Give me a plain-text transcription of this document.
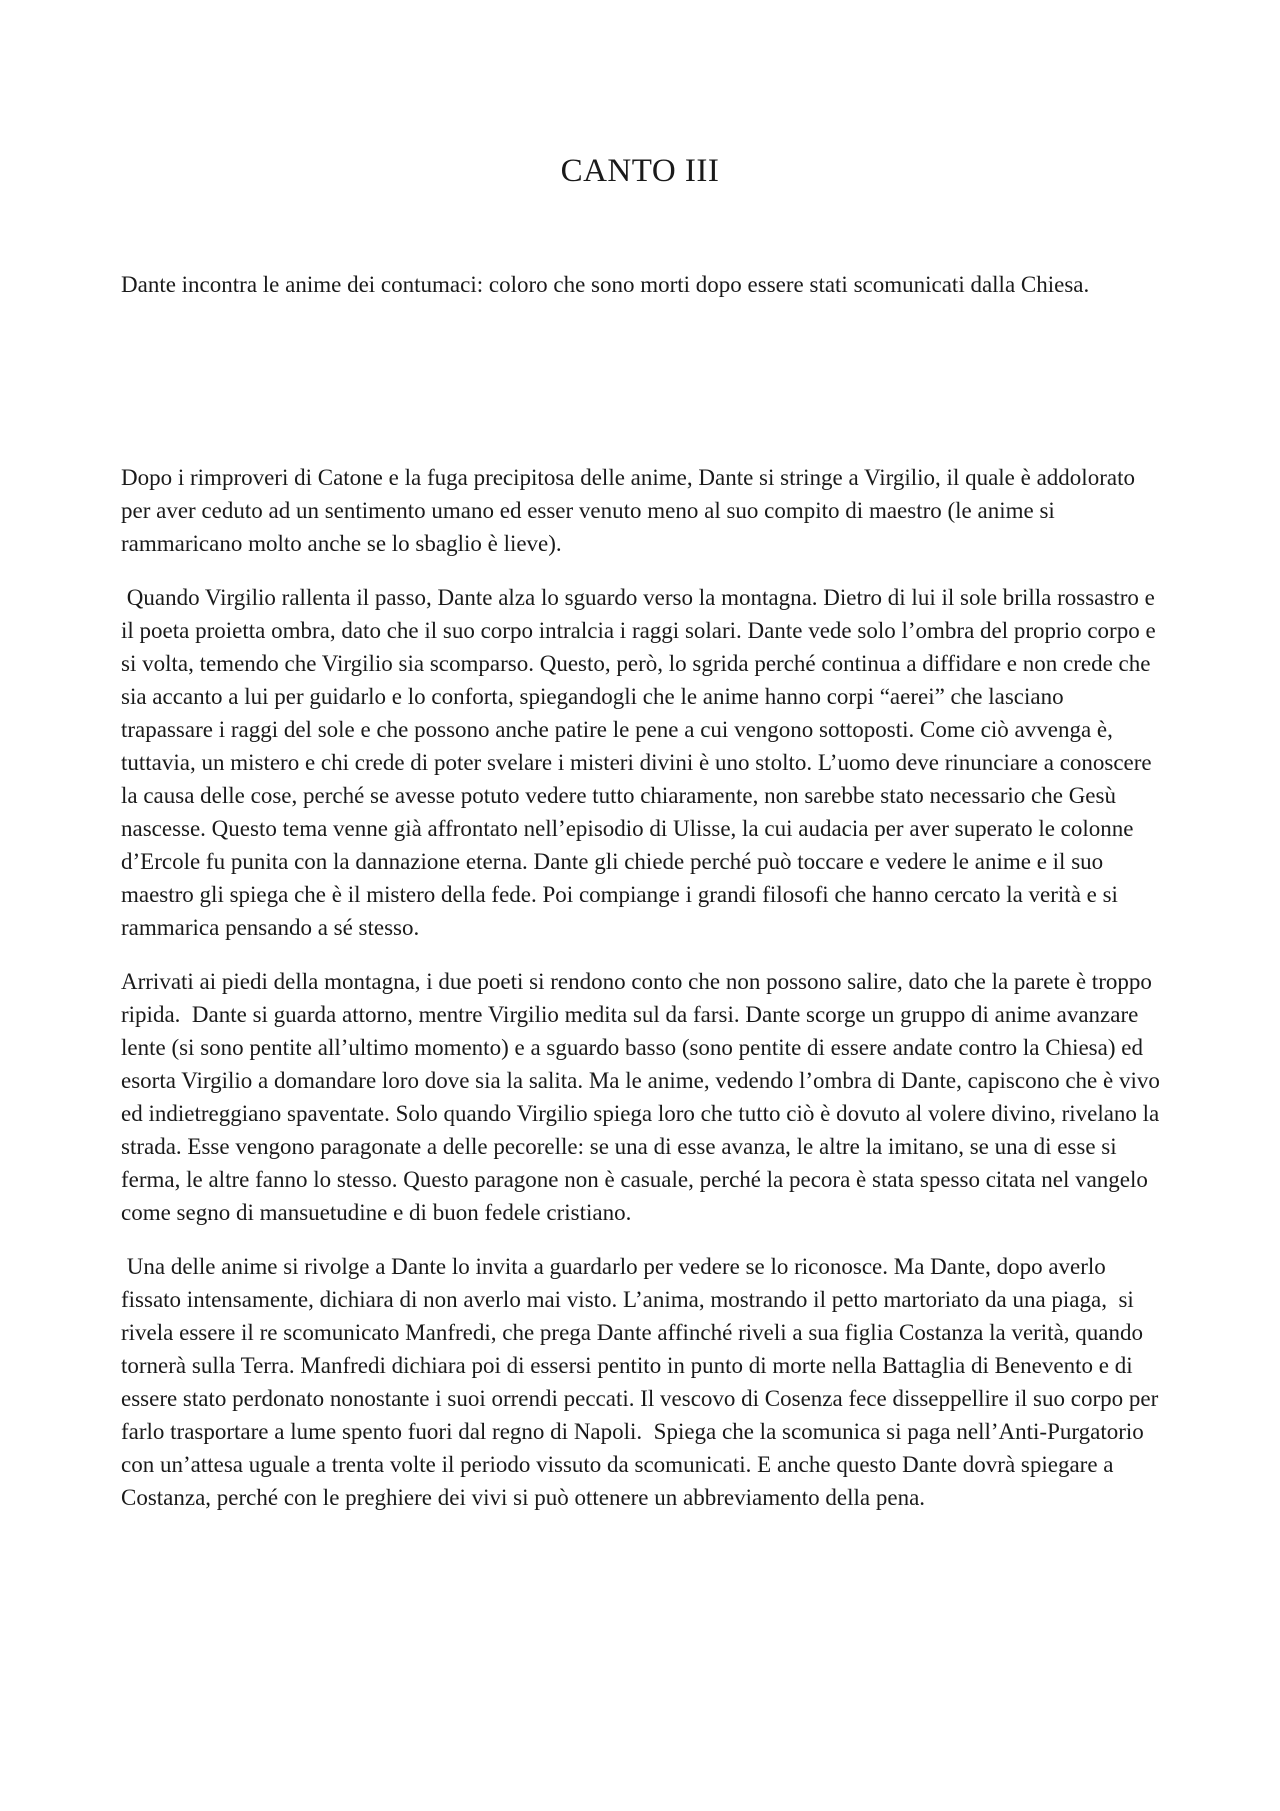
CANTO III

Dante incontra le anime dei contumaci: coloro che sono morti dopo essere stati scomunicati dalla Chiesa.

Dopo i rimproveri di Catone e la fuga precipitosa delle anime, Dante si stringe a Virgilio, il quale è addolorato per aver ceduto ad un sentimento umano ed esser venuto meno al suo compito di maestro (le anime si rammaricano molto anche se lo sbaglio è lieve).

Quando Virgilio rallenta il passo, Dante alza lo sguardo verso la montagna. Dietro di lui il sole brilla rossastro e il poeta proietta ombra, dato che il suo corpo intralcia i raggi solari. Dante vede solo l’ombra del proprio corpo e si volta, temendo che Virgilio sia scomparso. Questo, però, lo sgrida perché continua a diffidare e non crede che sia accanto a lui per guidarlo e lo conforta, spiegandogli che le anime hanno corpi “aerei” che lasciano trapassare i raggi del sole e che possono anche patire le pene a cui vengono sottoposti. Come ciò avvenga è, tuttavia, un mistero e chi crede di poter svelare i misteri divini è uno stolto. L’uomo deve rinunciare a conoscere la causa delle cose, perché se avesse potuto vedere tutto chiaramente, non sarebbe stato necessario che Gesù nascesse. Questo tema venne già affrontato nell’episodio di Ulisse, la cui audacia per aver superato le colonne d’Ercole fu punita con la dannazione eterna. Dante gli chiede perché può toccare e vedere le anime e il suo maestro gli spiega che è il mistero della fede. Poi compiange i grandi filosofi che hanno cercato la verità e si rammarica pensando a sé stesso.

Arrivati ai piedi della montagna, i due poeti si rendono conto che non possono salire, dato che la parete è troppo ripida.  Dante si guarda attorno, mentre Virgilio medita sul da farsi. Dante scorge un gruppo di anime avanzare lente (si sono pentite all’ultimo momento) e a sguardo basso (sono pentite di essere andate contro la Chiesa) ed esorta Virgilio a domandare loro dove sia la salita. Ma le anime, vedendo l’ombra di Dante, capiscono che è vivo ed indietreggiano spaventate. Solo quando Virgilio spiega loro che tutto ciò è dovuto al volere divino, rivelano la strada. Esse vengono paragonate a delle pecorelle: se una di esse avanza, le altre la imitano, se una di esse si ferma, le altre fanno lo stesso. Questo paragone non è casuale, perché la pecora è stata spesso citata nel vangelo come segno di mansuetudine e di buon fedele cristiano.

Una delle anime si rivolge a Dante lo invita a guardarlo per vedere se lo riconosce. Ma Dante, dopo averlo fissato intensamente, dichiara di non averlo mai visto. L’anima, mostrando il petto martoriato da una piaga,  si rivela essere il re scomunicato Manfredi, che prega Dante affinché riveli a sua figlia Costanza la verità, quando tornerà sulla Terra. Manfredi dichiara poi di essersi pentito in punto di morte nella Battaglia di Benevento e di essere stato perdonato nonostante i suoi orrendi peccati. Il vescovo di Cosenza fece disseppellire il suo corpo per farlo trasportare a lume spento fuori dal regno di Napoli.  Spiega che la scomunica si paga nell’Anti-Purgatorio con un’attesa uguale a trenta volte il periodo vissuto da scomunicati. E anche questo Dante dovrà spiegare a Costanza, perché con le preghiere dei vivi si può ottenere un abbreviamento della pena.
